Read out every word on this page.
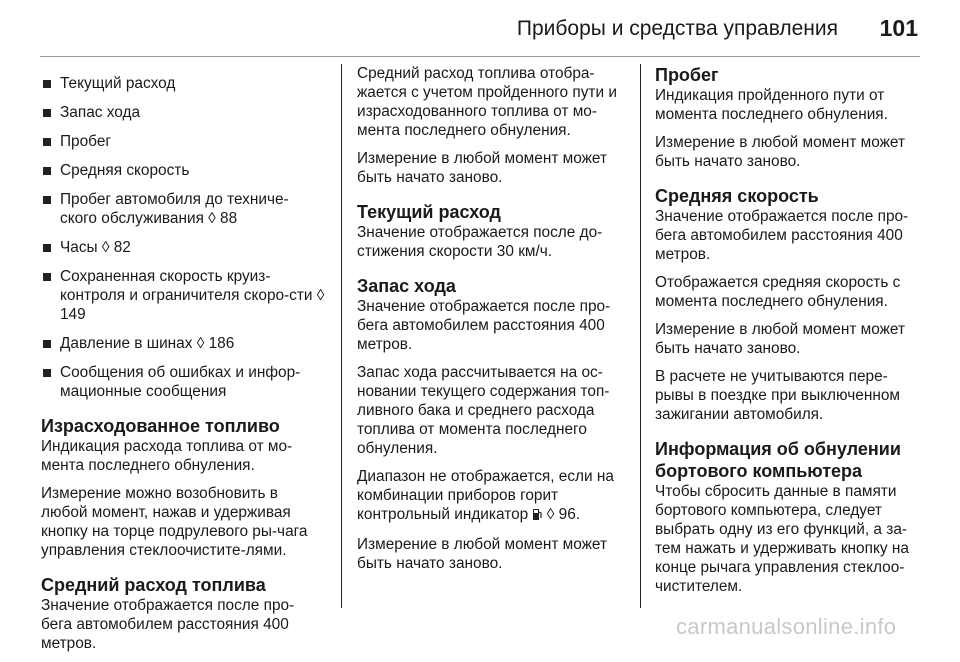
Приборы и средства управления 101
Текущий расход
Запас хода
Пробег
Средняя скорость
Пробег автомобиля до техниче-ского обслуживания ◊ 88
Часы ◊ 82
Сохраненная скорость круиз-контроля и ограничителя скоро-сти ◊ 149
Давление в шинах ◊ 186
Сообщения об ошибках и инфор-мационные сообщения
Израсходованное топливо

Индикация расхода топлива от мо-мента последнего обнуления.

Измерение можно возобновить в любой момент, нажав и удерживая кнопку на торце подрулевого ры-чага управления стеклоочистите-лями.

Средний расход топлива

Значение отображается после про-бега автомобилем расстояния 400 метров.

Средний расход топлива отобра-жается с учетом пройденного пути и израсходованного топлива от мо-мента последнего обнуления.

Измерение в любой момент может быть начато заново.

Текущий расход

Значение отображается после до-стижения скорости 30 км/ч.

Запас хода

Значение отображается после про-бега автомобилем расстояния 400 метров.

Запас хода рассчитывается на ос-новании текущего содержания топ-ливного бака и среднего расхода топлива от момента последнего обнуления.

Диапазон не отображается, если на комбинации приборов горит контрольный индикатор  ◊ 96.

Измерение в любой момент может быть начато заново.

Пробег

Индикация пройденного пути от момента последнего обнуления.

Измерение в любой момент может быть начато заново.

Средняя скорость

Значение отображается после про-бега автомобилем расстояния 400 метров.

Отображается средняя скорость с момента последнего обнуления.

Измерение в любой момент может быть начато заново.

В расчете не учитываются пере-рывы в поездке при выключенном зажигании автомобиля.

Информация об обнулении бортового компьютера

Чтобы сбросить данные в памяти бортового компьютера, следует выбрать одну из его функций, а за-тем нажать и удерживать кнопку на конце рычага управления стеклоо-чистителем.

carmanualsonline.info
